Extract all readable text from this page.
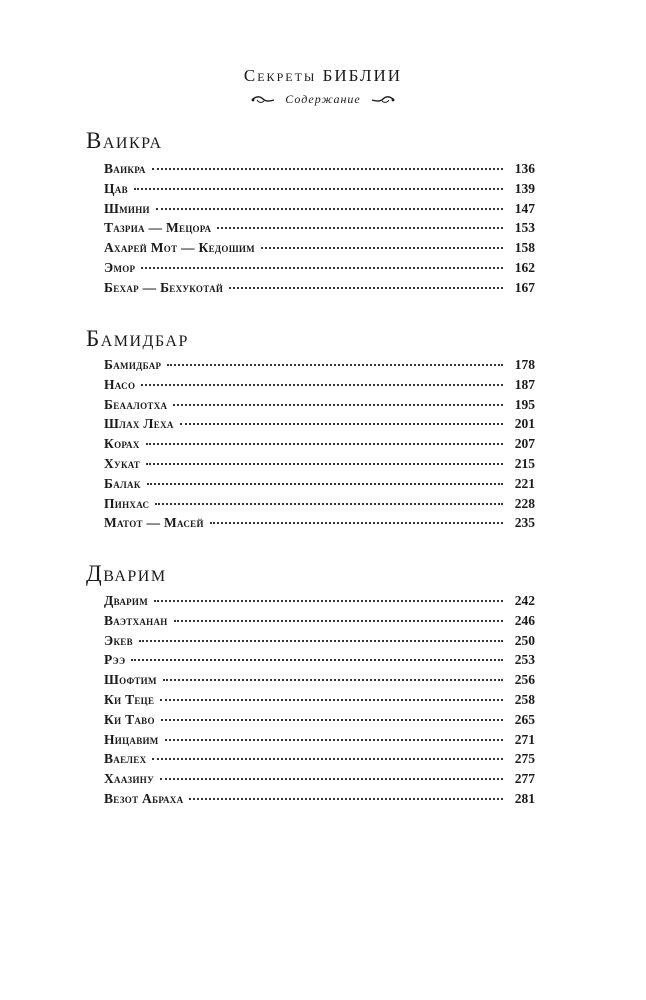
Секреты БИБЛИИ
Содержание
Ваикра
Ваикра	136
Цав	139
Шмини	147
Тазриа — Мецора	153
Ахарей Мот — Кедошим	158
Эмор	162
Бехар — Бехукотай	167
Бамидбар
Бамидбар	178
Насо	187
Беаалотха	195
Шлах Леха	201
Корах	207
Хукат	215
Балак	221
Пинхас	228
Матот — Масей	235
Дварим
Дварим	242
Ваэтханан	246
Экев	250
Рээ	253
Шофтим	256
Ки Теце	258
Ки Таво	265
Ницавим	271
Ваелех	275
Хаазину	277
Везот Абраха	281
